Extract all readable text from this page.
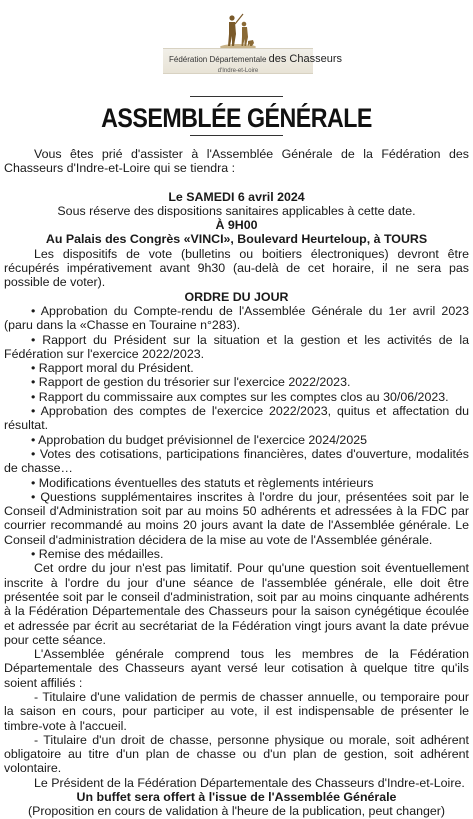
Fédération Départementale des Chasseurs
d'Indre-et-Loire
ASSEMBLÉE GÉNÉRALE

Vous êtes prié d'assister à l'Assemblée Générale de la Fédération des Chasseurs d'Indre-et-Loire qui se tiendra :

Le SAMEDI 6 avril 2024

Sous réserve des dispositions sanitaires applicables à cette date.

À 9H00

Au Palais des Congrès «VINCI», Boulevard Heurteloup, à TOURS

Les dispositifs de vote (bulletins ou boitiers électroniques) devront être récupérés impérativement avant 9h30 (au-delà de cet horaire, il ne sera pas possible de voter).

ORDRE DU JOUR

• Approbation du Compte-rendu de l'Assemblée Générale du 1er avril 2023 (paru dans la «Chasse en Touraine n°283).

• Rapport du Président sur la situation et la gestion et les activités de la Fédération sur l'exercice 2022/2023.

• Rapport moral du Président.

• Rapport de gestion du trésorier sur l'exercice 2022/2023.

• Rapport du commissaire aux comptes sur les comptes clos au 30/06/2023.

• Approbation des comptes de l'exercice 2022/2023, quitus et affectation du résultat.

• Approbation du budget prévisionnel de l'exercice 2024/2025

• Votes des cotisations, participations financières, dates d'ouverture, modalités de chasse…

• Modifications éventuelles des statuts et règlements intérieurs

• Questions supplémentaires inscrites à l'ordre du jour, présentées soit par le Conseil d'Administration soit par au moins 50 adhérents et adressées à la FDC par courrier recommandé au moins 20 jours avant la date de l'Assemblée générale. Le Conseil d'administration décidera de la mise au vote de l'Assemblée générale.

• Remise des médailles.

Cet ordre du jour n'est pas limitatif. Pour qu'une question soit éventuellement inscrite à l'ordre du jour d'une séance de l'assemblée générale, elle doit être présentée soit par le conseil d'administration, soit par au moins cinquante adhérents à la Fédération Départementale des Chasseurs pour la saison cynégétique écoulée et adressée par écrit au secrétariat de la Fédération vingt jours avant la date prévue pour cette séance.

L'Assemblée générale comprend tous les membres de la Fédération Départementale des Chasseurs ayant versé leur cotisation à quelque titre qu'ils soient affiliés :

- Titulaire d'une validation de permis de chasser annuelle, ou temporaire pour la saison en cours, pour participer au vote, il est indispensable de présenter le timbre-vote à l'accueil.

- Titulaire d'un droit de chasse, personne physique ou morale, soit adhérent obligatoire au titre d'un plan de chasse ou d'un plan de gestion, soit adhérent volontaire.

Le Président de la Fédération Départementale des Chasseurs d'Indre-et-Loire.

Un buffet sera offert à l'issue de l'Assemblée Générale

(Proposition en cours de validation à l'heure de la publication, peut changer)
